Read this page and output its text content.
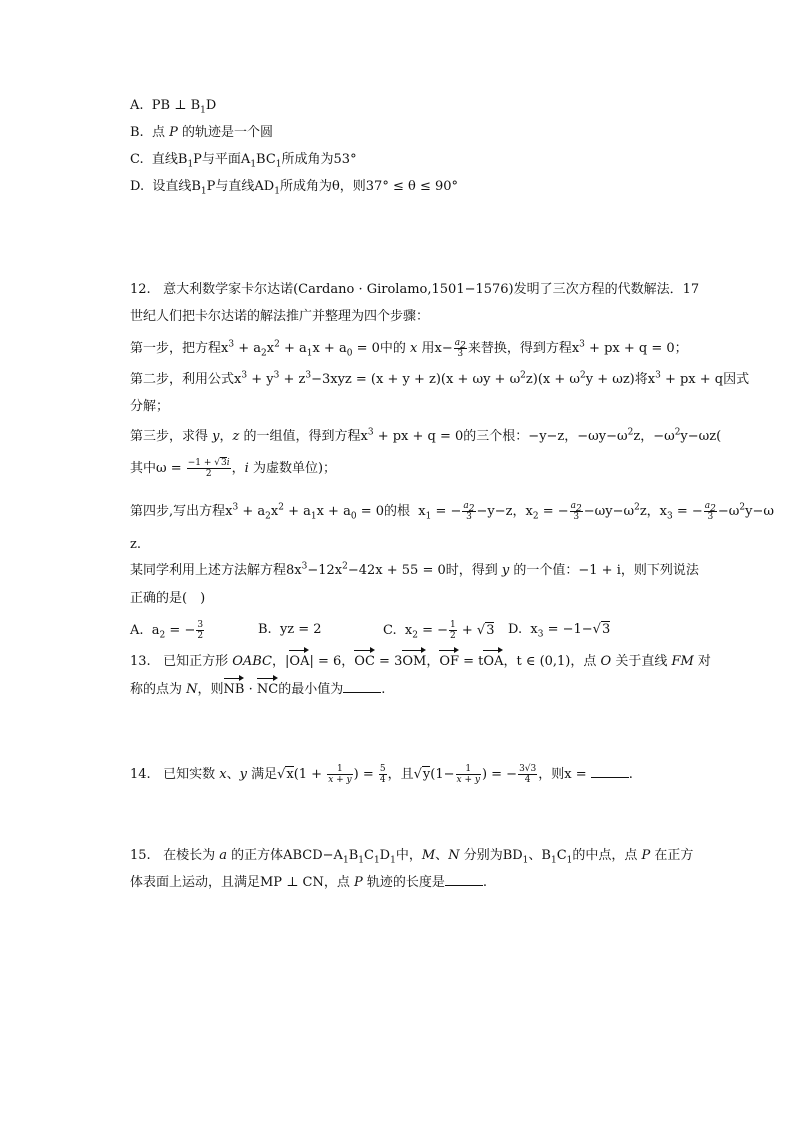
A.  PB ⊥ $B_1D$
B.  点 P 的轨迹是一个圆
C.  直线$B_1P$与平面$A_1BC_1$所成角为53°
D.  设直线$B_1P$与直线$AD_1$所成角为θ，则37° ≤ θ ≤ 90°
12.   意大利数学家卡尔达诺(Cardano · Girolamo,1501−1576)发明了三次方程的代数解法．17
世纪人们把卡尔达诺的解法推广并整理为四个步骤：
第一步，把方程$x^3 + a_2x^2 + a_1x + a_0 = 0$中的 x 用$x- \frac{a_2}{3}$ 来替换，得到方程$x^3$ + px + q = 0；
第二步，利用公式$x^3 + y^3 + z^3-3xyz = (x + y + z)(x + \omega y + \omega^2z)(x + \omega^2y + \omega z)$将$x^3$ + px + q因式
分解；
第三步，求得 y，z 的一组值，得到方程$x^3$ + px + q = 0的三个根：−y−z，$-\omega y-\omega^2z$，$-\omega^2y-\omega z$(
其中$\omega = \frac{-1 + √3i}{2}$ ，i 为虚数单位)；
第四步,写出方程$x^3 + a_2x^2 + a_1x + a_0 = 0$的根  $x_1$ = − $\frac{a_2}{3} -y-z$，$x_2$ = − $\frac{a_2}{3} -\omega y-\omega^2z$，$x_3$ = − $\frac{a_2}{3} -\omega^2y-\omega$
z.
某同学利用上述方法解方程$8x^3-12x^2-42x + 55 = 0$时，得到 y 的一个值：−1 + i，则下列说法
正确的是(　)
A.  $a_2$ = − $\frac{3}{2}$	B.  yz = 2	C.  $x_2$ = − $\frac{1}{2} + √3$ D.  $x_3 = -1-√3$
13.   已知正方形 OABC，|OA| = 6，OC = 3OM，OF = tOA，t ∈ (0,1)，点 O 关于直线 FM 对
称的点为 N，则NB · NC的最小值为	.
14.   已知实数 x、y 满足$√x(1 + \frac{1}{x + y}$ ) = $\frac{5}{4}$ ，且$√y(1- \frac{1}{x + y}$ ) = − $\frac{3√3}{4}$ ，则x =	.
15.   在棱长为 a 的正方体$ABCD-A_1B_1C_1D_1$中，M、N 分别为$BD_1$、$B_1C_1$的中点，点 P 在正方
体表面上运动，且满足MP ⊥ CN，点 P 轨迹的长度是	.
